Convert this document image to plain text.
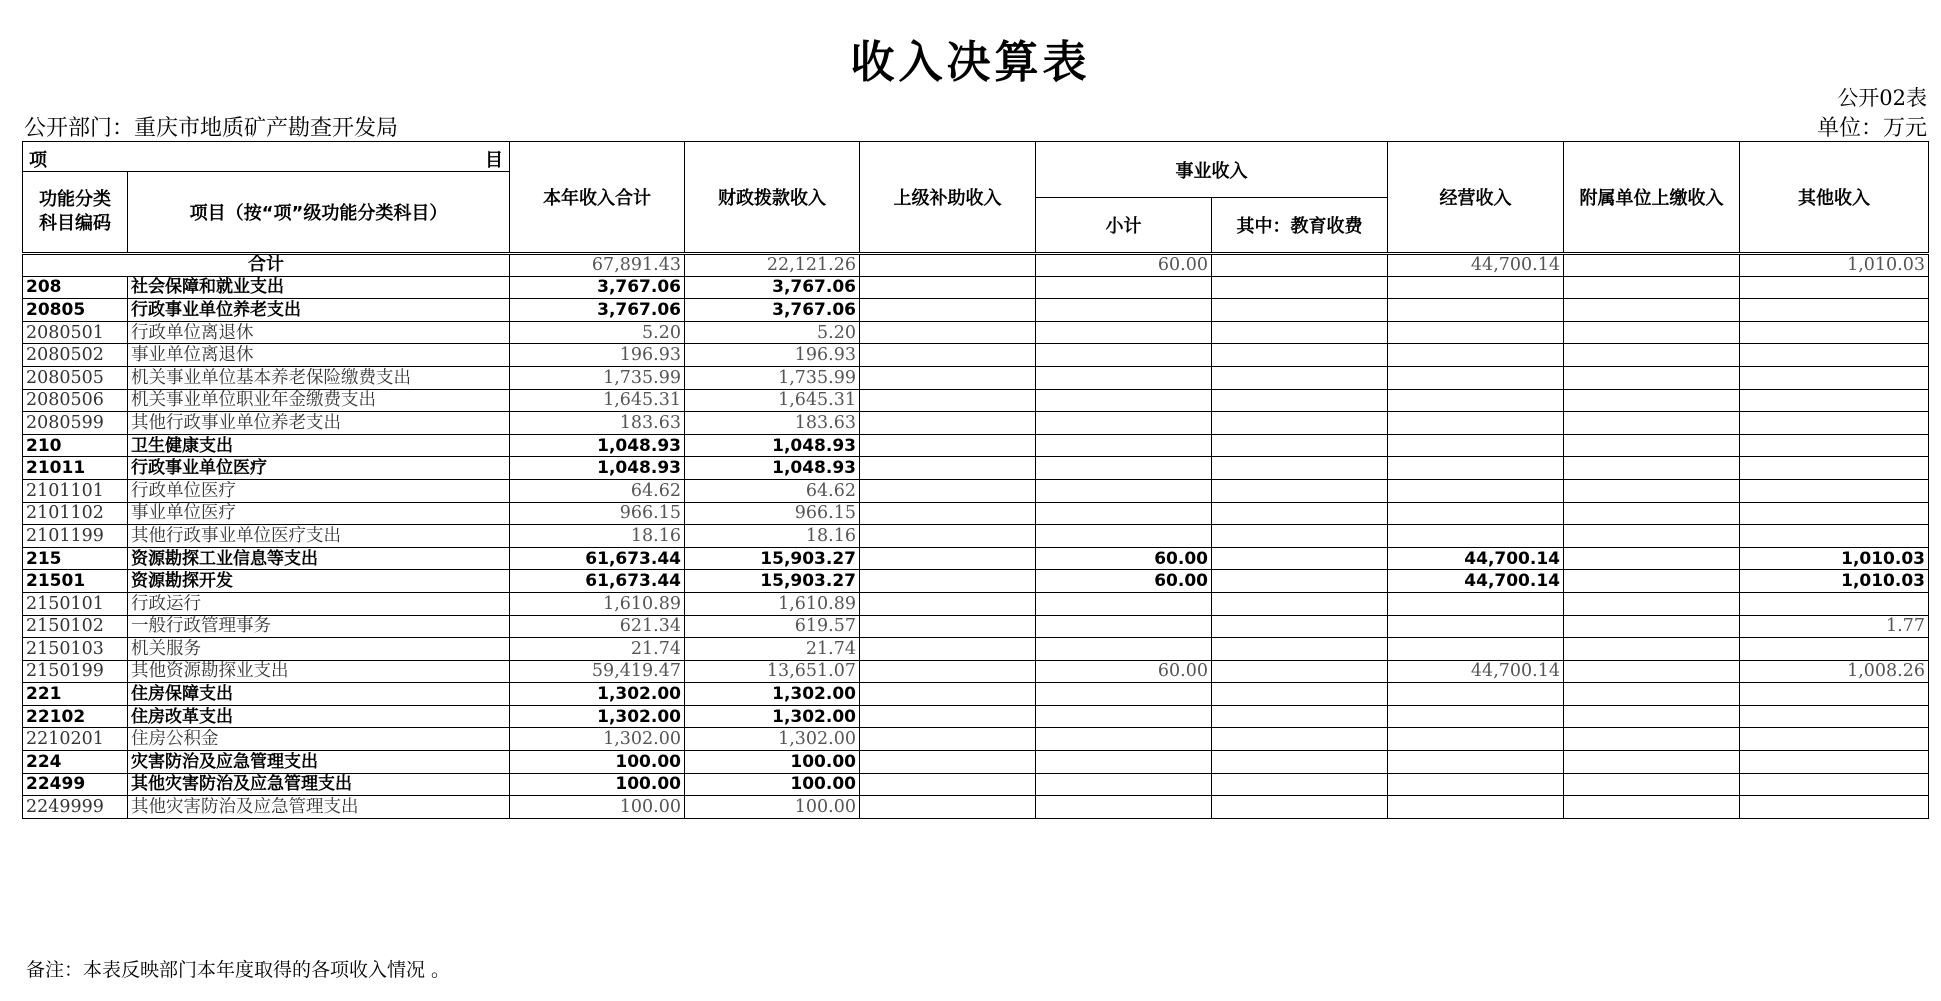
收入决算表
公开02表
公开部门：重庆市地质矿产勘查开发局	单位：万元
项 目
功能分类科目编码 项目（按“项”级功能分类科目）		本年收入合计	财政拨款收入	上级补助收入	事业收入		经营收入	附属单位上缴收入	其他收入
					小计	其中：教育收费			
合计		67,891.43	22,121.26		60.00		44,700.14		1,010.03
208	社会保障和就业支出	3,767.06	3,767.06						
20805	行政事业单位养老支出	3,767.06	3,767.06						
2080501	行政单位离退休	5.20	5.20						
2080502	事业单位离退休	196.93	196.93						
2080505	机关事业单位基本养老保险缴费支出	1,735.99	1,735.99						
2080506	机关事业单位职业年金缴费支出	1,645.31	1,645.31						
2080599	其他行政事业单位养老支出	183.63	183.63						
210	卫生健康支出	1,048.93	1,048.93						
21011	行政事业单位医疗	1,048.93	1,048.93						
2101101	行政单位医疗	64.62	64.62						
2101102	事业单位医疗	966.15	966.15						
2101199	其他行政事业单位医疗支出	18.16	18.16						
215	资源勘探工业信息等支出	61,673.44	15,903.27		60.00		44,700.14		1,010.03
21501	资源勘探开发	61,673.44	15,903.27		60.00		44,700.14		1,010.03
2150101	行政运行	1,610.89	1,610.89						
2150102	一般行政管理事务	621.34	619.57						1.77
2150103	机关服务	21.74	21.74						
2150199	其他资源勘探业支出	59,419.47	13,651.07		60.00		44,700.14		1,008.26
221	住房保障支出	1,302.00	1,302.00						
22102	住房改革支出	1,302.00	1,302.00						
2210201	住房公积金	1,302.00	1,302.00						
224	灾害防治及应急管理支出	100.00	100.00						
22499	其他灾害防治及应急管理支出	100.00	100.00						
2249999	其他灾害防治及应急管理支出	100.00	100.00						
备注：本表反映部门本年度取得的各项收入情况 。
